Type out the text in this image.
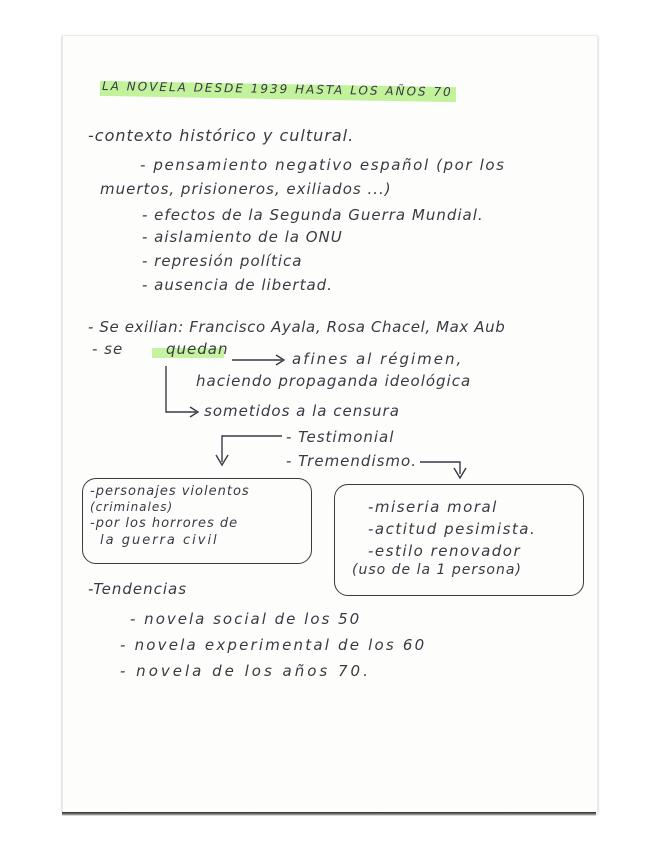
LA NOVELA DESDE 1939 HASTA LOS AÑOS 70
-contexto histórico y cultural.
- pensamiento negativo español (por los
muertos, prisioneros, exiliados ...)
- efectos de la Segunda Guerra Mundial.
- aislamiento de la ONU
- represión política
- ausencia de libertad.
- Se exilian: Francisco Ayala, Rosa Chacel, Max Aub
- se	quedan
afines al régimen,
haciendo propaganda ideológica
sometidos a la censura
- Testimonial
- Tremendismo.
-personajes violentos
(criminales)
-por los horrores de
la guerra civil
-miseria moral
-actitud pesimista.
-estilo renovador
(uso de la 1 persona)
-Tendencias
- novela social de los 50
- novela experimental de los 60
- novela de los años 70.
